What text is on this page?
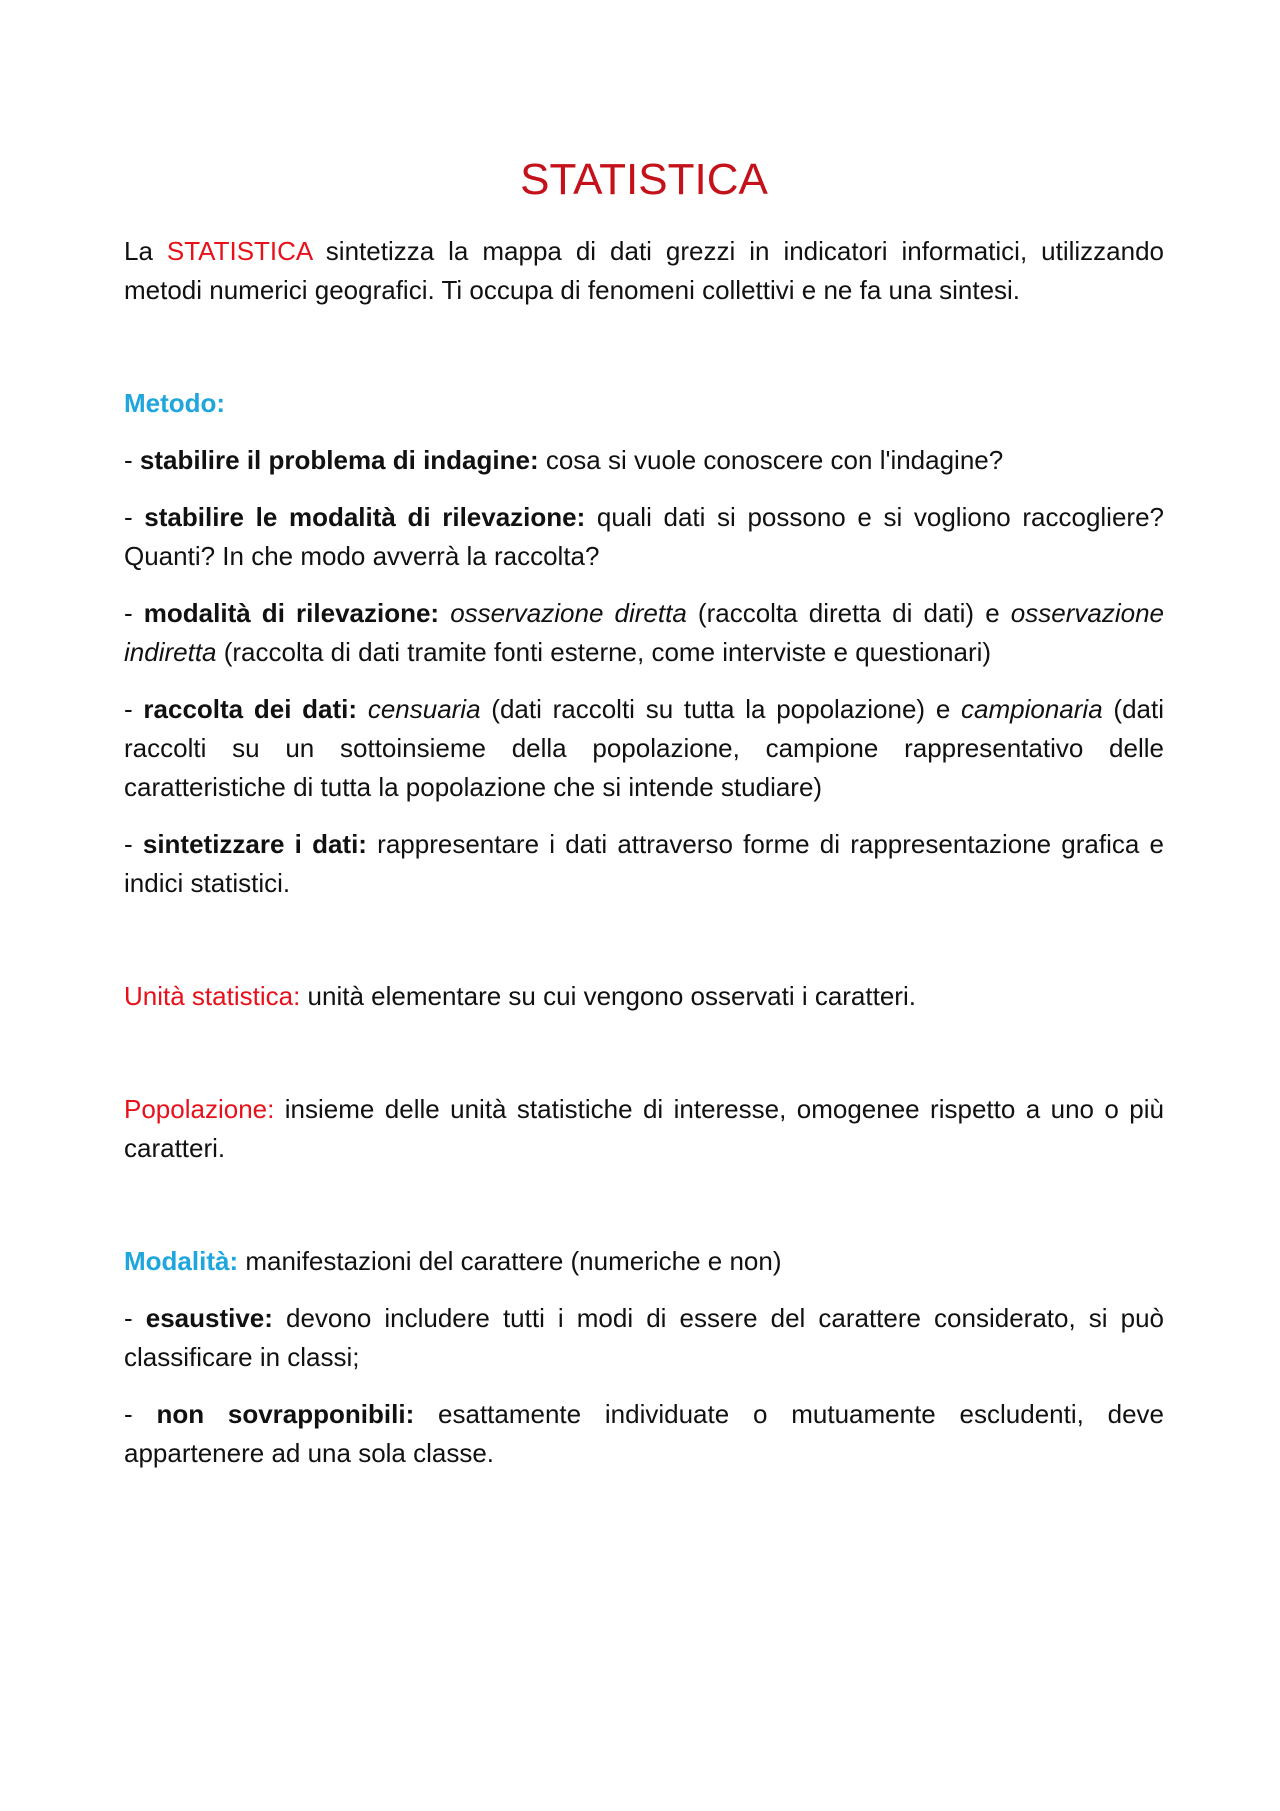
STATISTICA

La STATISTICA sintetizza la mappa di dati grezzi in indicatori informatici, utilizzando metodi numerici geografici. Ti occupa di fenomeni collettivi e ne fa una sintesi.

Metodo:

- stabilire il problema di indagine: cosa si vuole conoscere con l'indagine?

- stabilire le modalità di rilevazione: quali dati si possono e si vogliono raccogliere? Quanti? In che modo avverrà la raccolta?

- modalità di rilevazione: osservazione diretta (raccolta diretta di dati) e osservazione indiretta (raccolta di dati tramite fonti esterne, come interviste e questionari)

- raccolta dei dati: censuaria (dati raccolti su tutta la popolazione) e campionaria (dati raccolti su un sottoinsieme della popolazione, campione rappresentativo delle caratteristiche di tutta la popolazione che si intende studiare)

- sintetizzare i dati: rappresentare i dati attraverso forme di rappresentazione grafica e indici statistici.

Unità statistica: unità elementare su cui vengono osservati i caratteri.

Popolazione: insieme delle unità statistiche di interesse, omogenee rispetto a uno o più caratteri.

Modalità: manifestazioni del carattere (numeriche e non)

- esaustive: devono includere tutti i modi di essere del carattere considerato, si può classificare in classi;

- non sovrapponibili: esattamente individuate o mutuamente escludenti, deve appartenere ad una sola classe.
